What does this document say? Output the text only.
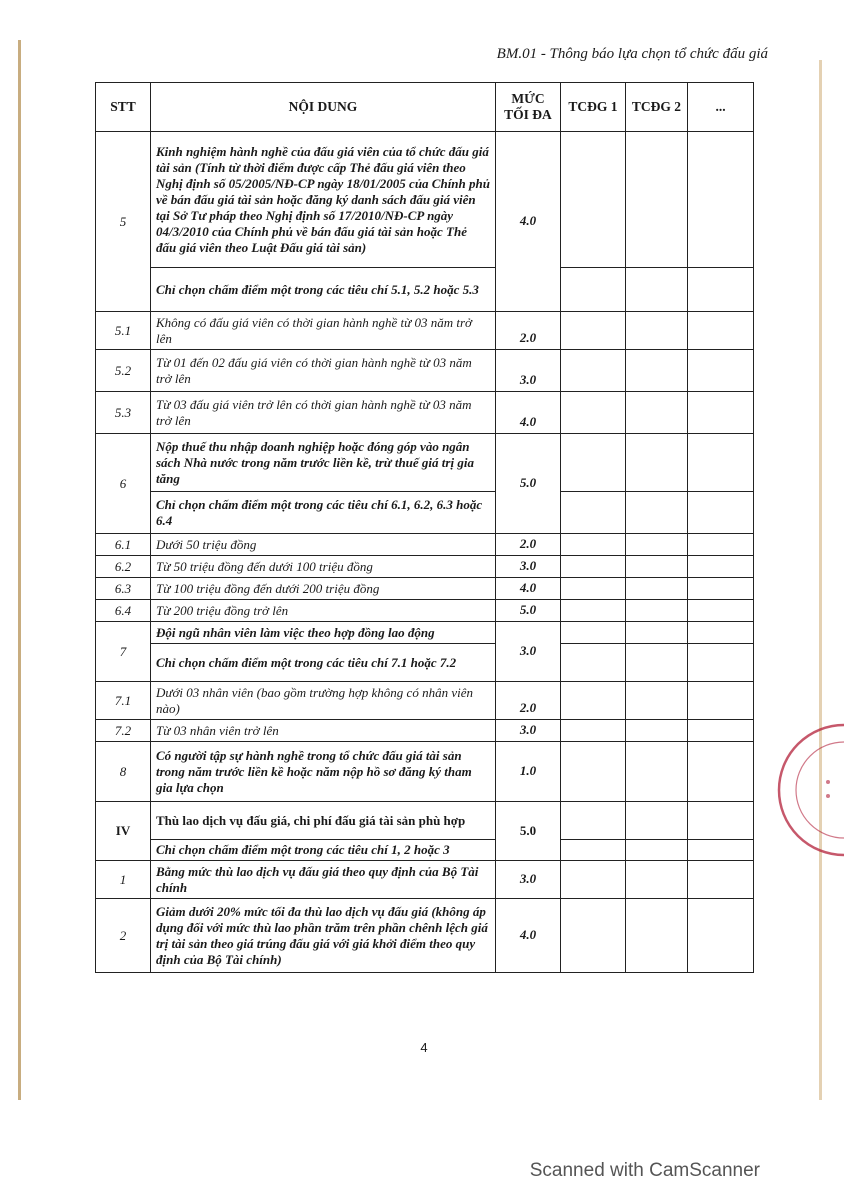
BM.01 - Thông báo lựa chọn tổ chức đấu giá
STT	NỘI DUNG	MỨC TỐI ĐA	TCĐG 1	TCĐG 2	...
5	Kinh nghiệm hành nghề của đấu giá viên của tổ chức đấu giá tài sản (Tính từ thời điểm được cấp Thẻ đấu giá viên theo Nghị định số 05/2005/NĐ-CP ngày 18/01/2005 của Chính phủ về bán đấu giá tài sản hoặc đăng ký danh sách đấu giá viên tại Sở Tư pháp theo Nghị định số 17/2010/NĐ-CP ngày 04/3/2010 của Chính phủ về bán đấu giá tài sản hoặc Thẻ đấu giá viên theo Luật Đấu giá tài sản)	4.0			
	Chỉ chọn chấm điểm một trong các tiêu chí 5.1, 5.2 hoặc 5.3				
5.1	Không có đấu giá viên có thời gian hành nghề từ 03 năm trở lên	2.0			
5.2	Từ 01 đến 02 đấu giá viên có thời gian hành nghề từ 03 năm trở lên	3.0			
5.3	Từ 03 đấu giá viên trở lên có thời gian hành nghề từ 03 năm trở lên	4.0			
6	Nộp thuế thu nhập doanh nghiệp hoặc đóng góp vào ngân sách Nhà nước trong năm trước liền kề, trừ thuế giá trị gia tăng	5.0			
	Chỉ chọn chấm điểm một trong các tiêu chí 6.1, 6.2, 6.3 hoặc 6.4				
6.1	Dưới 50 triệu đồng	2.0			
6.2	Từ 50 triệu đồng đến dưới 100 triệu đồng	3.0			
6.3	Từ 100 triệu đồng đến dưới 200 triệu đồng	4.0			
6.4	Từ 200 triệu đồng trở lên	5.0			
7	Đội ngũ nhân viên làm việc theo hợp đồng lao động	3.0			
	Chỉ chọn chấm điểm một trong các tiêu chí 7.1 hoặc 7.2				
7.1	Dưới 03 nhân viên (bao gồm trường hợp không có nhân viên nào)	2.0			
7.2	Từ 03 nhân viên trở lên	3.0			
8	Có người tập sự hành nghề trong tổ chức đấu giá tài sản trong năm trước liền kề hoặc năm nộp hồ sơ đăng ký tham gia lựa chọn	1.0			
IV	Thù lao dịch vụ đấu giá, chi phí đấu giá tài sản phù hợp	5.0			
	Chỉ chọn chấm điểm một trong các tiêu chí 1, 2 hoặc 3				
1	Bằng mức thù lao dịch vụ đấu giá theo quy định của Bộ Tài chính	3.0			
2	Giảm dưới 20% mức tối đa thù lao dịch vụ đấu giá (không áp dụng đối với mức thù lao phần trăm trên phần chênh lệch giá trị tài sản theo giá trúng đấu giá với giá khởi điểm theo quy định của Bộ Tài chính)	4.0			
4
Scanned with CamScanner
